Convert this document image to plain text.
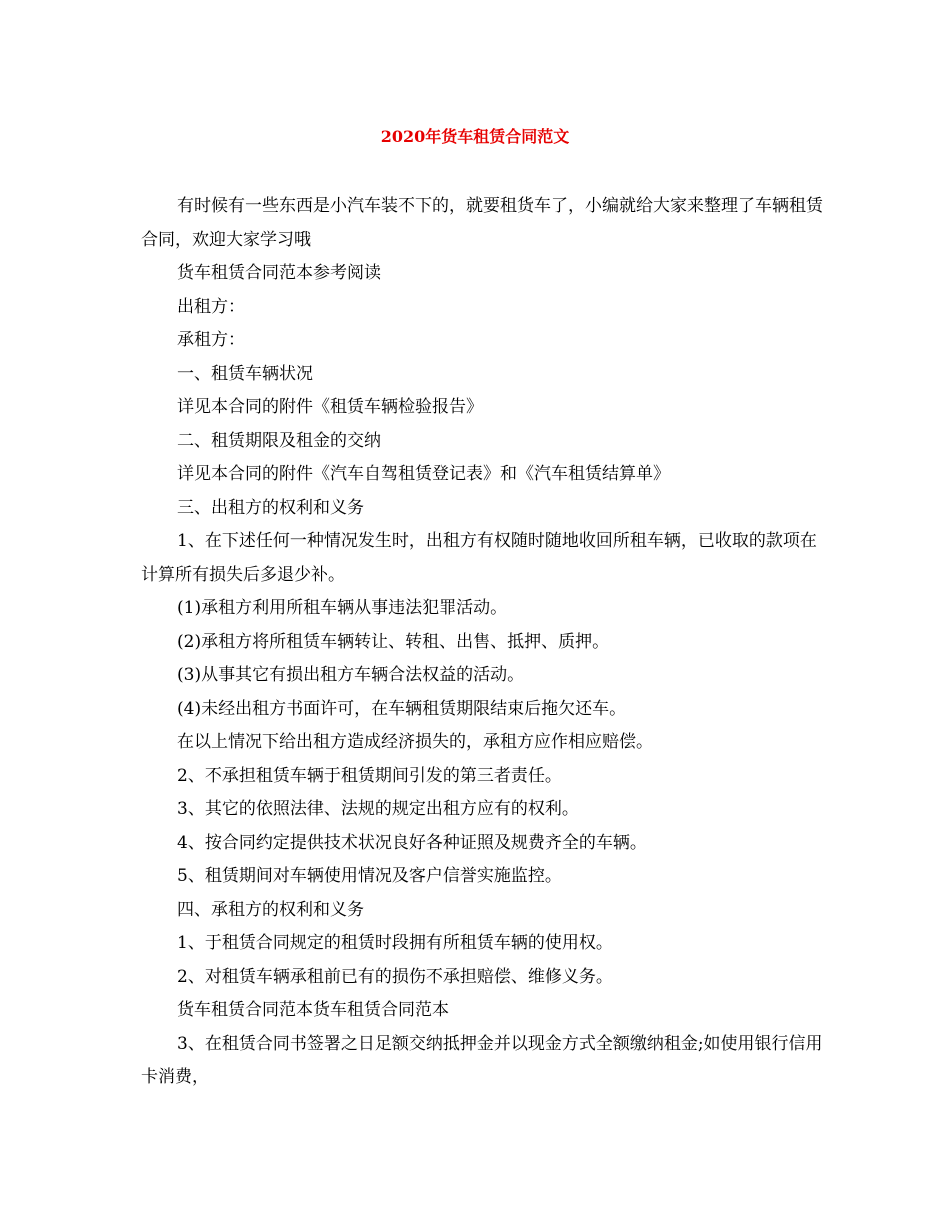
2020年货车租赁合同范文

有时候有一些东西是小汽车装不下的，就要租货车了，小编就给大家来整理了车辆租赁合同，欢迎大家学习哦

货车租赁合同范本参考阅读

出租方：

承租方：

一、租赁车辆状况

详见本合同的附件《租赁车辆检验报告》

二、租赁期限及租金的交纳

详见本合同的附件《汽车自驾租赁登记表》和《汽车租赁结算单》

三、出租方的权利和义务

1、在下述任何一种情况发生时，出租方有权随时随地收回所租车辆，已收取的款项在计算所有损失后多退少补。

(1)承租方利用所租车辆从事违法犯罪活动。

(2)承租方将所租赁车辆转让、转租、出售、抵押、质押。

(3)从事其它有损出租方车辆合法权益的活动。

(4)未经出租方书面许可，在车辆租赁期限结束后拖欠还车。

在以上情况下给出租方造成经济损失的，承租方应作相应赔偿。

2、不承担租赁车辆于租赁期间引发的第三者责任。

3、其它的依照法律、法规的规定出租方应有的权利。

4、按合同约定提供技术状况良好各种证照及规费齐全的车辆。

5、租赁期间对车辆使用情况及客户信誉实施监控。

四、承租方的权利和义务

1、于租赁合同规定的租赁时段拥有所租赁车辆的使用权。

2、对租赁车辆承租前已有的损伤不承担赔偿、维修义务。

货车租赁合同范本货车租赁合同范本

3、在租赁合同书签署之日足额交纳抵押金并以现金方式全额缴纳租金;如使用银行信用卡消费，
